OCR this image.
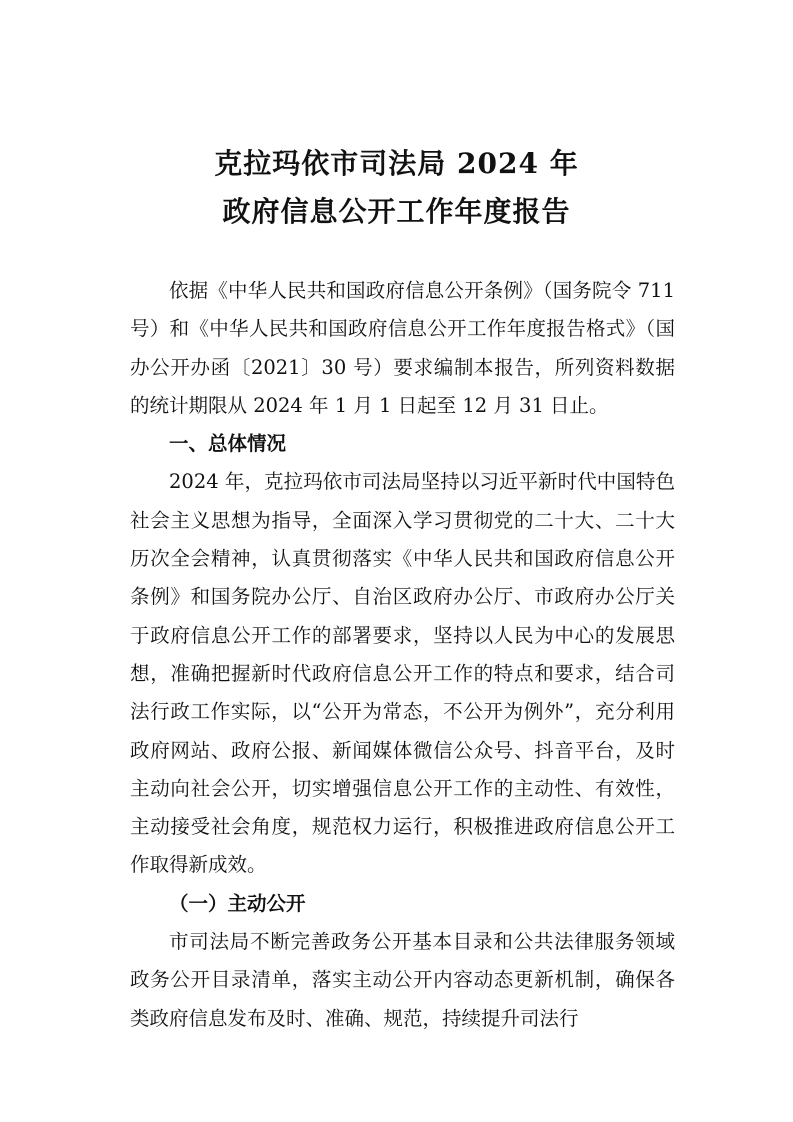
克拉玛依市司法局 2024 年
政府信息公开工作年度报告

依据《中华人民共和国政府信息公开条例》（国务院令 711 号）和《中华人民共和国政府信息公开工作年度报告格式》（国办公开办函〔2021〕30 号）要求编制本报告，所列资料数据的统计期限从 2024 年 1 月 1 日起至 12 月 31 日止。

一、总体情况

2024 年，克拉玛依市司法局坚持以习近平新时代中国特色社会主义思想为指导，全面深入学习贯彻党的二十大、二十大历次全会精神，认真贯彻落实《中华人民共和国政府信息公开条例》和国务院办公厅、自治区政府办公厅、市政府办公厅关于政府信息公开工作的部署要求，坚持以人民为中心的发展思想，准确把握新时代政府信息公开工作的特点和要求，结合司法行政工作实际，以“公开为常态，不公开为例外”，充分利用政府网站、政府公报、新闻媒体微信公众号、抖音平台，及时主动向社会公开，切实增强信息公开工作的主动性、有效性，主动接受社会角度，规范权力运行，积极推进政府信息公开工作取得新成效。

（一）主动公开

市司法局不断完善政务公开基本目录和公共法律服务领域政务公开目录清单，落实主动公开内容动态更新机制，确保各类政府信息发布及时、准确、规范，持续提升司法行
